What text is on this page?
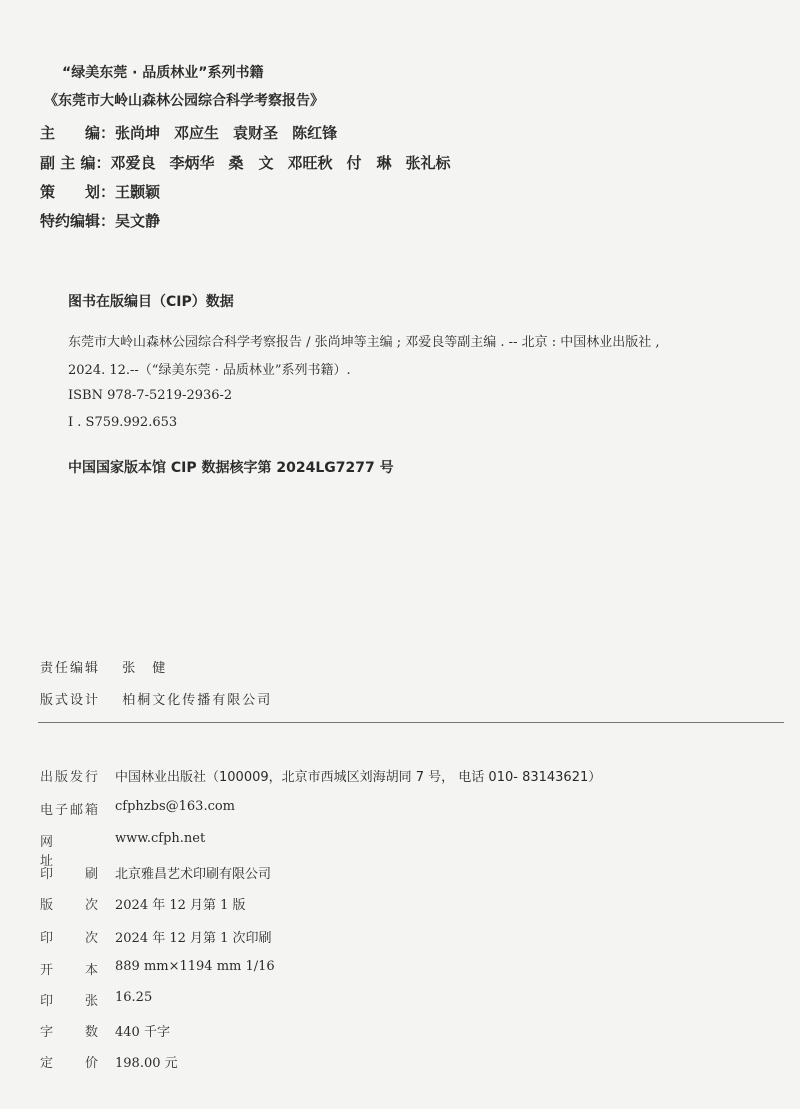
“绿美东莞 · 品质林业”系列书籍
《东莞市大岭山森林公园综合科学考察报告》
主　　编：张尚坤 邓应生 袁财圣 陈红锋
副 主 编：邓爱良 李炳华 桑　文 邓旺秋 付　琳 张礼标
策　　划：王颢颖
特约编辑：吴文静
图书在版编目（CIP）数据
东莞市大岭山森林公园综合科学考察报告 / 张尚坤等主编 ; 邓爱良等副主编 . -- 北京 : 中国林业出版社 ,
2024. 12.--（“绿美东莞 · 品质林业”系列书籍）.
ISBN 978-7-5219-2936-2
Ⅰ . S759.992.653
中国国家版本馆 CIP 数据核字第 2024LG7277 号
责任编辑 张　健
版式设计 柏桐文化传播有限公司
出版发行 中国林业出版社（100009，北京市西城区刘海胡同 7 号， 电话 010- 83143621）
电子邮箱 cfphzbs@163.com
网址
www.cfph.net
印刷
北京雅昌艺术印刷有限公司
版次
2024 年 12 月第 1 版
印次
2024 年 12 月第 1 次印刷
开本
889 mm×1194 mm 1/16
印张
16.25
字数
440 千字
定价
198.00 元
